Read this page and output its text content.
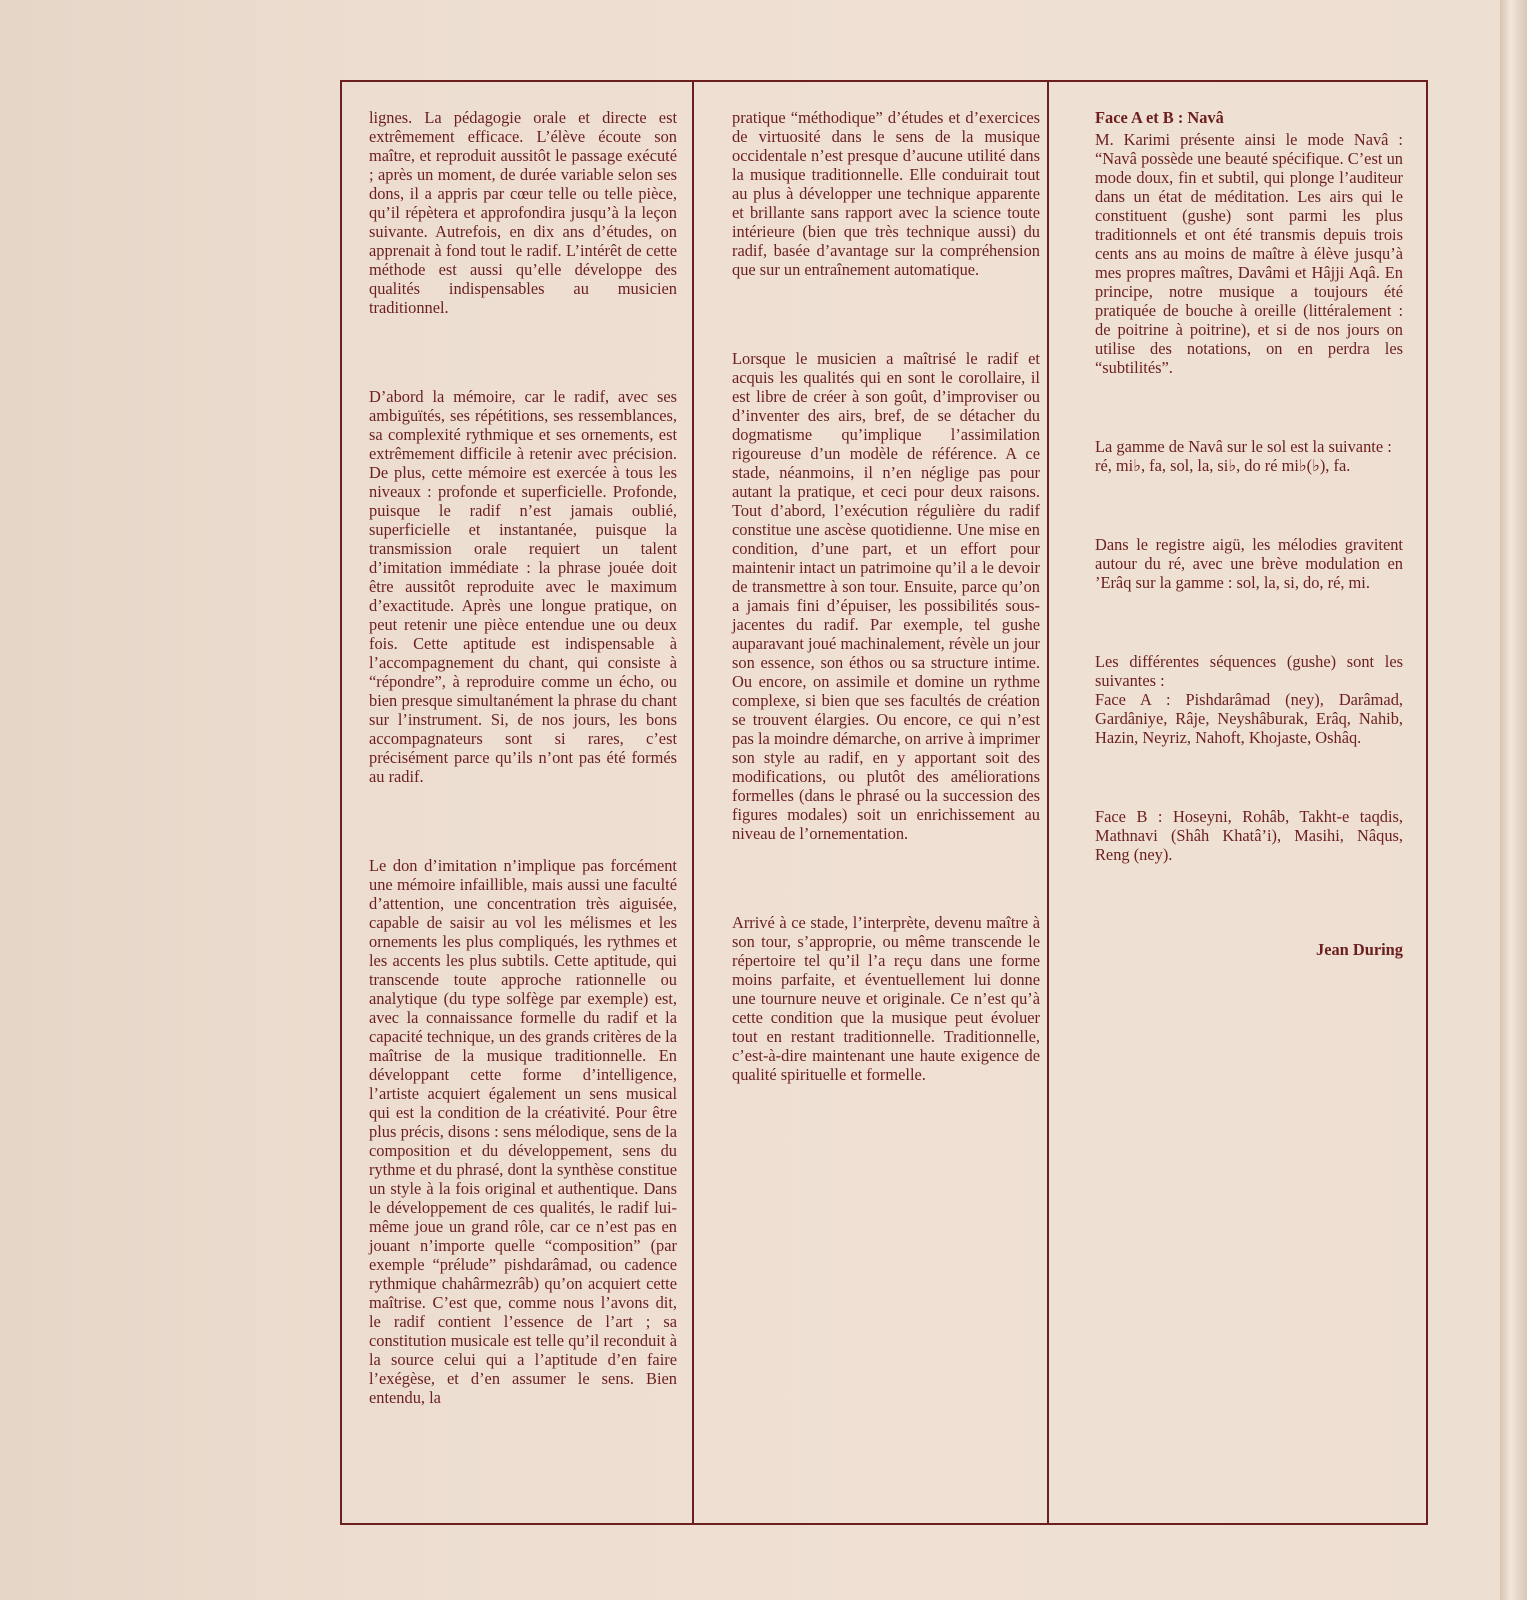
lignes. La pédagogie orale et directe est extrêmement efficace. L’élève écoute son maître, et reproduit aussitôt le passage exécuté ; après un moment, de durée variable selon ses dons, il a appris par cœur telle ou telle pièce, qu’il répètera et approfondira jusqu’à la leçon suivante. Autrefois, en dix ans d’études, on apprenait à fond tout le radif. L’intérêt de cette méthode est aussi qu’elle développe des qualités indispensables au musicien traditionnel.

D’abord la mémoire, car le radif, avec ses ambiguïtés, ses répétitions, ses ressemblances, sa complexité rythmique et ses ornements, est extrêmement difficile à retenir avec précision. De plus, cette mémoire est exercée à tous les niveaux : profonde et superficielle. Profonde, puisque le radif n’est jamais oublié, superficielle et instantanée, puisque la transmission orale requiert un talent d’imitation immédiate : la phrase jouée doit être aussitôt reproduite avec le maximum d’exactitude. Après une longue pratique, on peut retenir une pièce entendue une ou deux fois. Cette aptitude est indispensable à l’accompagnement du chant, qui consiste à “répondre”, à reproduire comme un écho, ou bien presque simultanément la phrase du chant sur l’instrument. Si, de nos jours, les bons accompagnateurs sont si rares, c’est précisément parce qu’ils n’ont pas été formés au radif.

Le don d’imitation n’implique pas forcément une mémoire infaillible, mais aussi une faculté d’attention, une concentration très aiguisée, capable de saisir au vol les mélismes et les ornements les plus compliqués, les rythmes et les accents les plus subtils. Cette aptitude, qui transcende toute approche rationnelle ou analytique (du type solfège par exemple) est, avec la connaissance formelle du radif et la capacité technique, un des grands critères de la maîtrise de la musique traditionnelle. En développant cette forme d’intelligence, l’artiste acquiert également un sens musical qui est la condition de la créativité. Pour être plus précis, disons : sens mélodique, sens de la composition et du développement, sens du rythme et du phrasé, dont la synthèse constitue un style à la fois original et authentique. Dans le développement de ces qualités, le radif lui-même joue un grand rôle, car ce n’est pas en jouant n’importe quelle “composition” (par exemple “prélude” pishdarâmad, ou cadence rythmique chahârmezrâb) qu’on acquiert cette maîtrise. C’est que, comme nous l’avons dit, le radif contient l’essence de l’art ; sa constitution musicale est telle qu’il reconduit à la source celui qui a l’aptitude d’en faire l’exégèse, et d’en assumer le sens. Bien entendu, la

pratique “méthodique” d’études et d’exercices de virtuosité dans le sens de la musique occidentale n’est presque d’aucune utilité dans la musique traditionnelle. Elle conduirait tout au plus à développer une technique apparente et brillante sans rapport avec la science toute intérieure (bien que très technique aussi) du radif, basée d’avantage sur la compréhension que sur un entraînement automatique.

Lorsque le musicien a maîtrisé le radif et acquis les qualités qui en sont le corollaire, il est libre de créer à son goût, d’improviser ou d’inventer des airs, bref, de se détacher du dogmatisme qu’implique l’assimilation rigoureuse d’un modèle de référence. A ce stade, néanmoins, il n’en néglige pas pour autant la pratique, et ceci pour deux raisons. Tout d’abord, l’exécution régulière du radif constitue une ascèse quotidienne. Une mise en condition, d’une part, et un effort pour maintenir intact un patrimoine qu’il a le devoir de transmettre à son tour. Ensuite, parce qu’on a jamais fini d’épuiser, les possibilités sous-jacentes du radif. Par exemple, tel gushe auparavant joué machinalement, révèle un jour son essence, son éthos ou sa structure intime. Ou encore, on assimile et domine un rythme complexe, si bien que ses facultés de création se trouvent élargies. Ou encore, ce qui n’est pas la moindre démarche, on arrive à imprimer son style au radif, en y apportant soit des modifications, ou plutôt des améliorations formelles (dans le phrasé ou la succession des figures modales) soit un enrichissement au niveau de l’ornementation.

Arrivé à ce stade, l’interprète, devenu maître à son tour, s’approprie, ou même transcende le répertoire tel qu’il l’a reçu dans une forme moins parfaite, et éventuellement lui donne une tournure neuve et originale. Ce n’est qu’à cette condition que la musique peut évoluer tout en restant traditionnelle. Traditionnelle, c’est-à-dire maintenant une haute exigence de qualité spirituelle et formelle.

Face A et B : Navâ

M. Karimi présente ainsi le mode Navâ : “Navâ possède une beauté spécifique. C’est un mode doux, fin et subtil, qui plonge l’auditeur dans un état de méditation. Les airs qui le constituent (gushe) sont parmi les plus traditionnels et ont été transmis depuis trois cents ans au moins de maître à élève jusqu’à mes propres maîtres, Davâmi et Hâjji Aqâ. En principe, notre musique a toujours été pratiquée de bouche à oreille (littéralement : de poitrine à poitrine), et si de nos jours on utilise des notations, on en perdra les “subtilités”.

La gamme de Navâ sur le sol est la suivante :

ré, mi♭, fa, sol, la, si♭, do ré mi♭(♭), fa.

Dans le registre aigü, les mélodies gravitent autour du ré, avec une brève modulation en ’Erâq sur la gamme : sol, la, si, do, ré, mi.

Les différentes séquences (gushe) sont les suivantes :

Face A : Pishdarâmad (ney), Darâmad, Gardâniye, Râje, Neyshâburak, Erâq, Nahib, Hazin, Neyriz, Nahoft, Khojaste, Oshâq.

Face B : Hoseyni, Rohâb, Takht-e taqdis, Mathnavi (Shâh Khatâ’i), Masihi, Nâqus, Reng (ney).

Jean During
